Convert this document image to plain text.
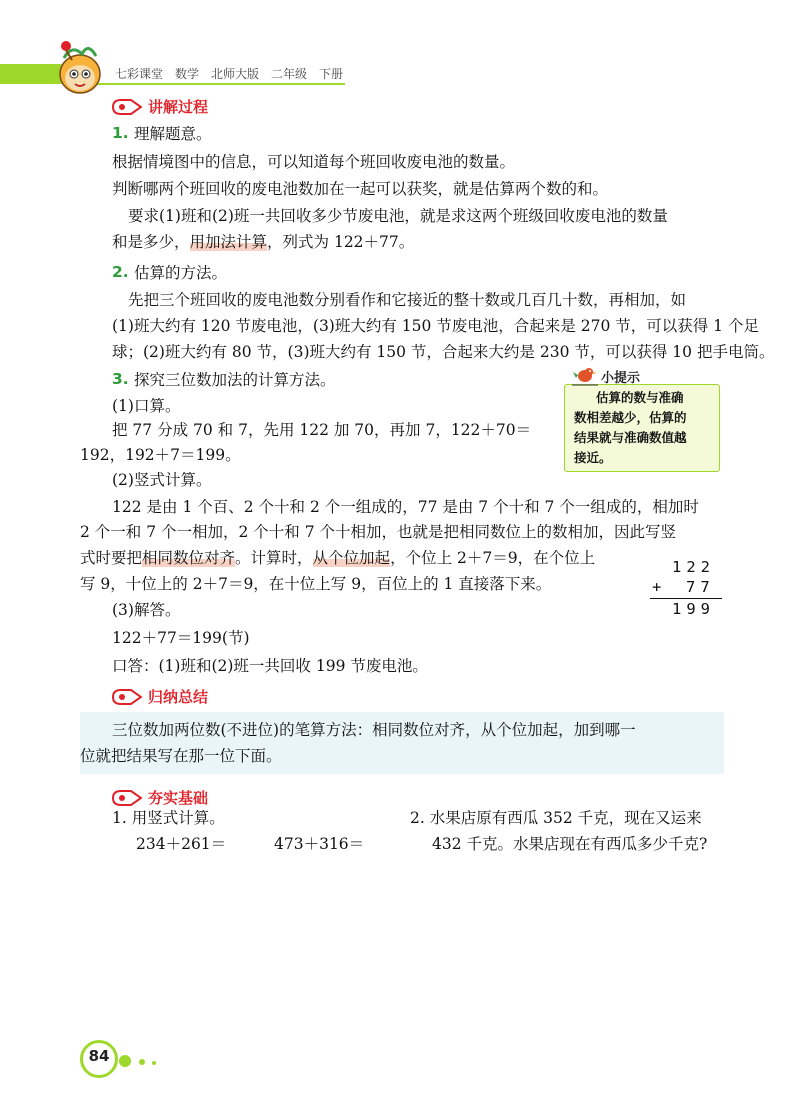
七彩课堂　数学　北师大版　二年级　下册
讲解过程
1. 理解题意。
根据情境图中的信息，可以知道每个班回收废电池的数量。
判断哪两个班回收的废电池数加在一起可以获奖，就是估算两个数的和。
要求(1)班和(2)班一共回收多少节废电池，就是求这两个班级回收废电池的数量
和是多少，用加法计算，列式为 122＋77。
2. 估算的方法。
先把三个班回收的废电池数分别看作和它接近的整十数或几百几十数，再相加，如
(1)班大约有 120 节废电池，(3)班大约有 150 节废电池，合起来是 270 节，可以获得 1 个足
球；(2)班大约有 80 节，(3)班大约有 150 节，合起来大约是 230 节，可以获得 10 把手电筒。
3. 探究三位数加法的计算方法。
(1)口算。
把 77 分成 70 和 7，先用 122 加 70，再加 7，122＋70＝
192，192＋7＝199。
(2)竖式计算。
122 是由 1 个百、2 个十和 2 个一组成的，77 是由 7 个十和 7 个一组成的，相加时
2 个一和 7 个一相加，2 个十和 7 个十相加，也就是把相同数位上的数相加，因此写竖
式时要把相同数位对齐。计算时，从个位加起，个位上 2＋7＝9，在个位上
写 9，十位上的 2＋7＝9，在十位上写 9，百位上的 1 直接落下来。
(3)解答。
122＋77＝199(节)
口答：(1)班和(2)班一共回收 199 节废电池。
小提示
估算的数与准确
数相差越少，估算的
结果就与准确数值越
接近。
122
+ 77
199
归纳总结
三位数加两位数(不进位)的笔算方法：相同数位对齐，从个位加起，加到哪一
位就把结果写在那一位下面。
夯实基础
1. 用竖式计算。
234＋261＝	473＋316＝
2. 水果店原有西瓜 352 千克，现在又运来
432 千克。水果店现在有西瓜多少千克?
84
